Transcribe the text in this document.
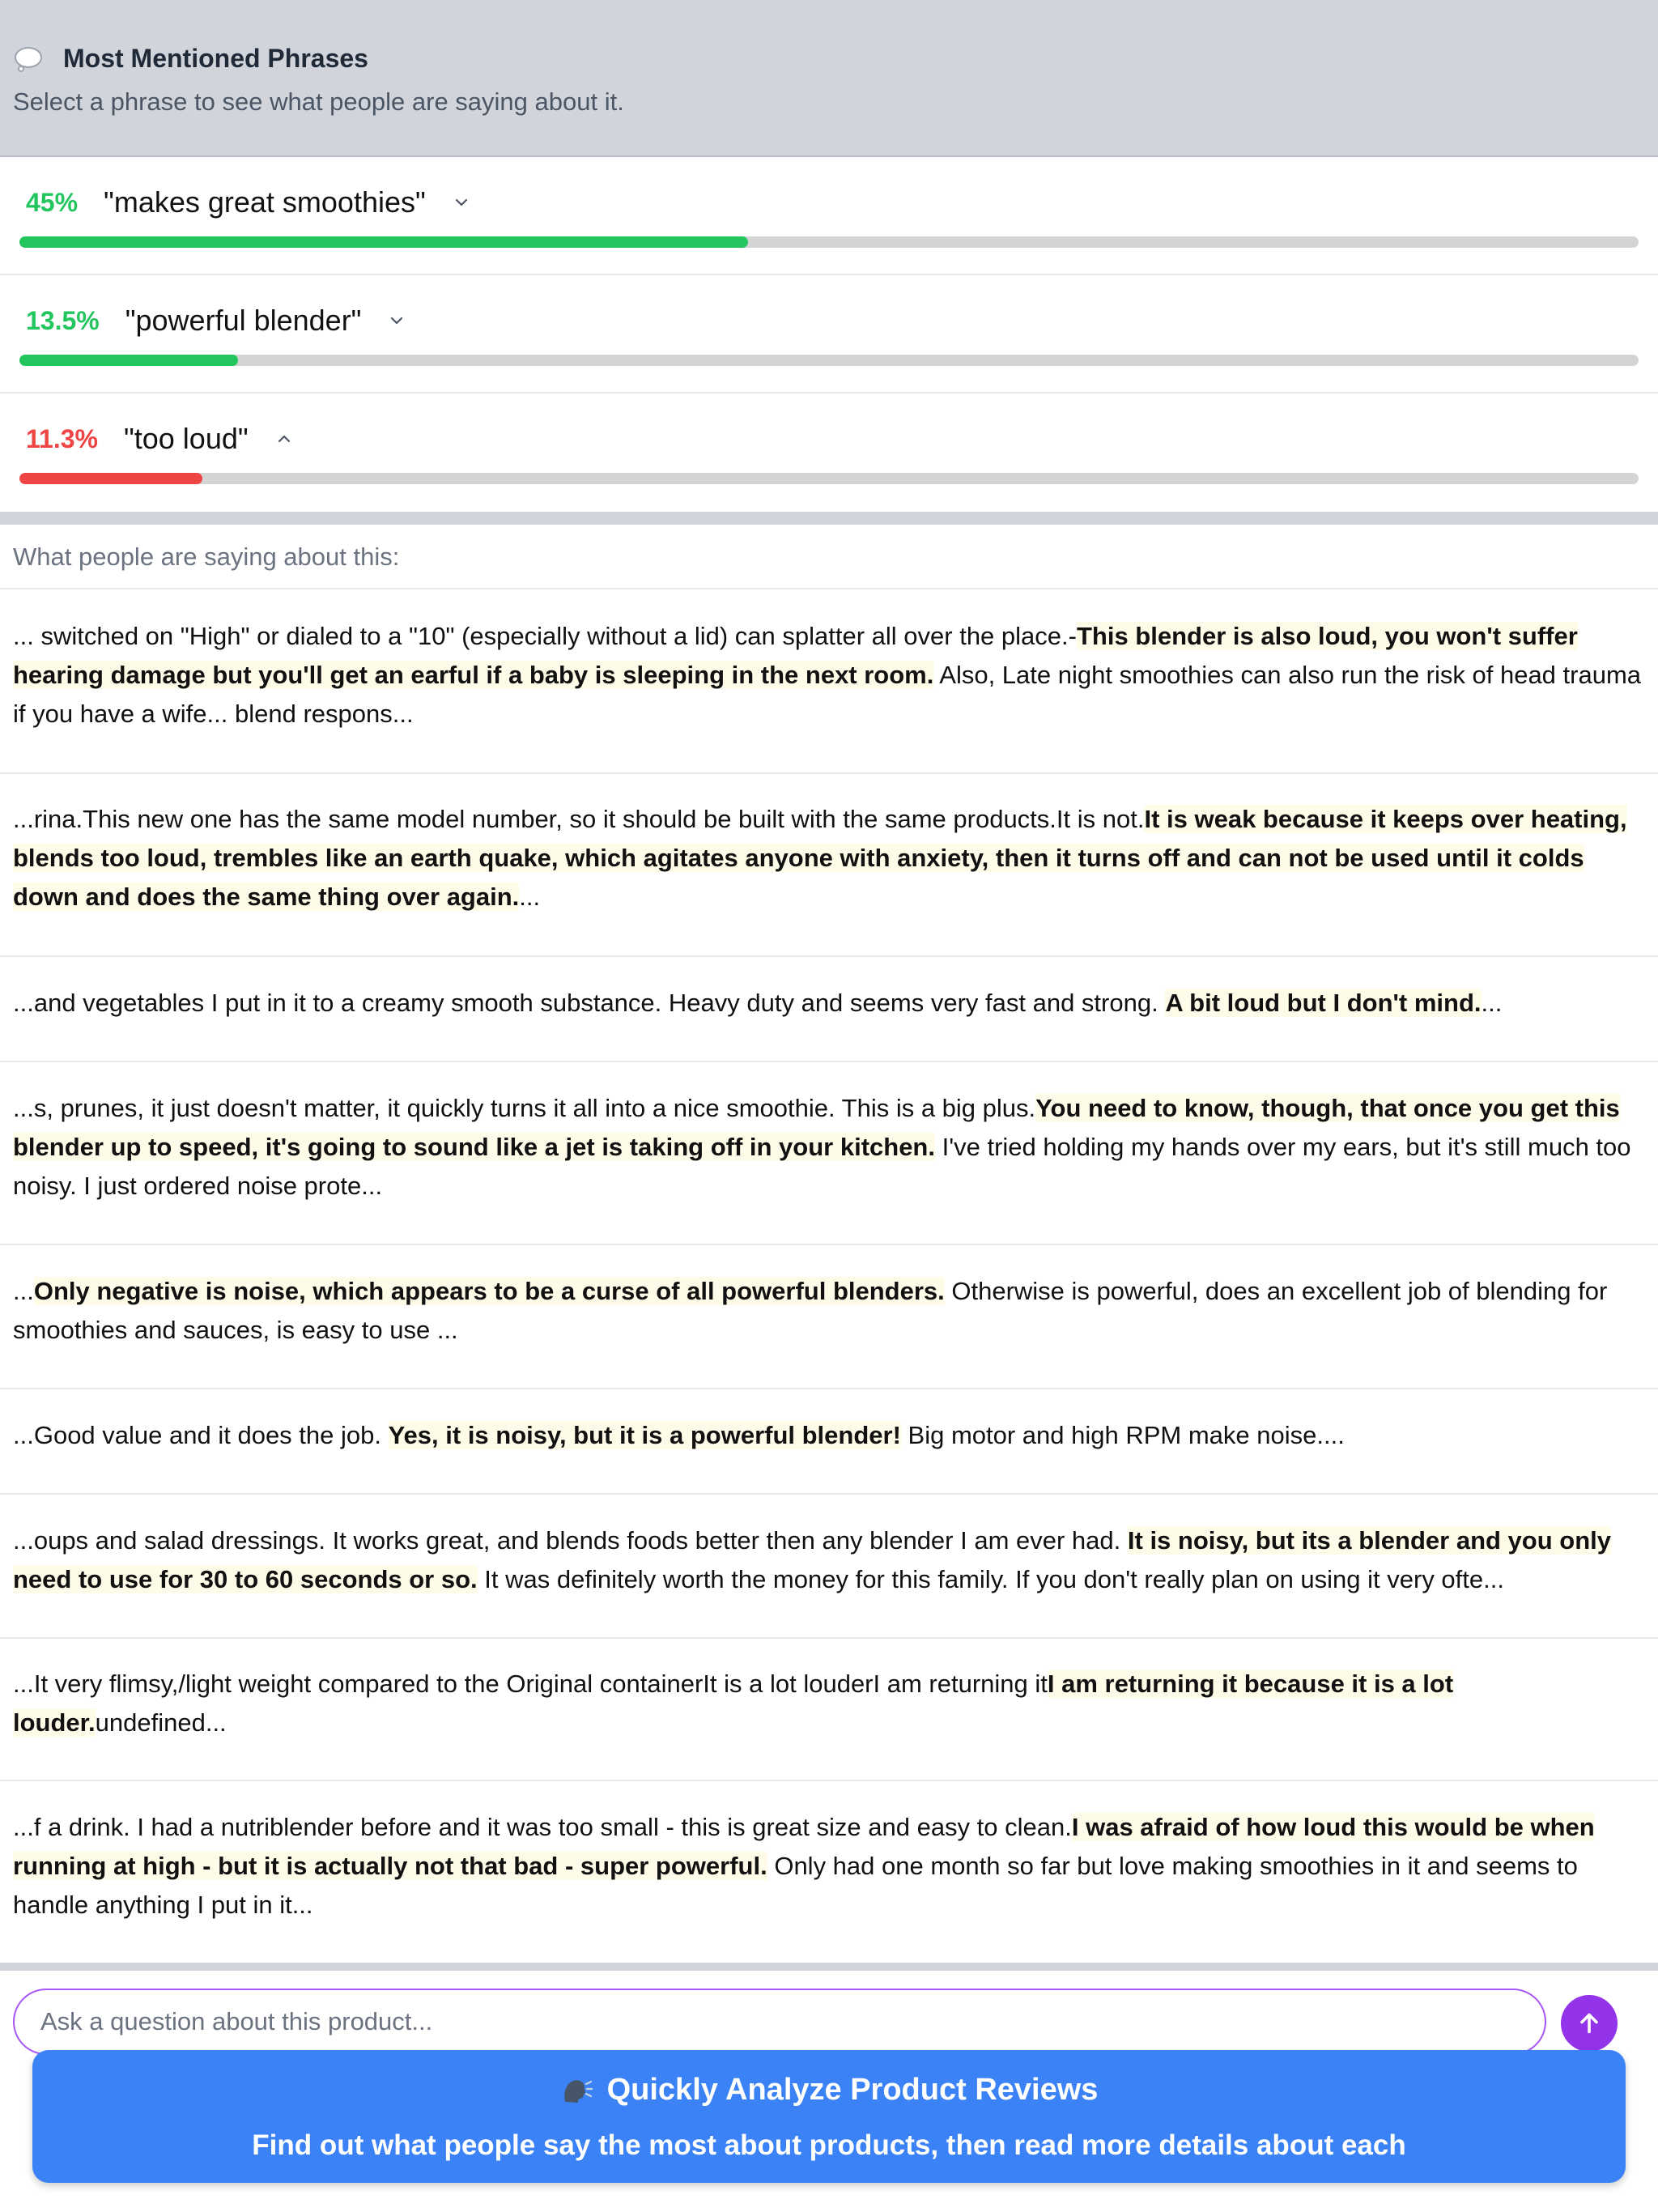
Most Mentioned Phrases
Select a phrase to see what people are saying about it.
45% "makes great smoothies"
13.5% "powerful blender"
11.3% "too loud"
What people are saying about this:
... switched on "High" or dialed to a "10" (especially without a lid) can splatter all over the place.-This blender is also loud, you won't suffer hearing damage but you'll get an earful if a baby is sleeping in the next room. Also, Late night smoothies can also run the risk of head trauma if you have a wife... blend respons...
...rina.This new one has the same model number, so it should be built with the same products.It is not.It is weak because it keeps over heating, blends too loud, trembles like an earth quake, which agitates anyone with anxiety, then it turns off and can not be used until it colds down and does the same thing over again....
...and vegetables I put in it to a creamy smooth substance. Heavy duty and seems very fast and strong. A bit loud but I don't mind....
...s, prunes, it just doesn't matter, it quickly turns it all into a nice smoothie. This is a big plus.You need to know, though, that once you get this blender up to speed, it's going to sound like a jet is taking off in your kitchen. I've tried holding my hands over my ears, but it's still much too noisy. I just ordered noise prote...
...Only negative is noise, which appears to be a curse of all powerful blenders. Otherwise is powerful, does an excellent job of blending for smoothies and sauces, is easy to use ...
...Good value and it does the job. Yes, it is noisy, but it is a powerful blender! Big motor and high RPM make noise....
...oups and salad dressings. It works great, and blends foods better then any blender I am ever had. It is noisy, but its a blender and you only need to use for 30 to 60 seconds or so. It was definitely worth the money for this family. If you don't really plan on using it very ofte...
...It very flimsy,/light weight compared to the Original containerIt is a lot louderI am returning itI am returning it because it is a lot louder.undefined...
...f a drink. I had a nutriblender before and it was too small - this is great size and easy to clean.I was afraid of how loud this would be when running at high - but it is actually not that bad - super powerful. Only had one month so far but love making smoothies in it and seems to handle anything I put in it...
Ask a question about this product...
Quickly Analyze Product Reviews
Find out what people say the most about products, then read more details about each
